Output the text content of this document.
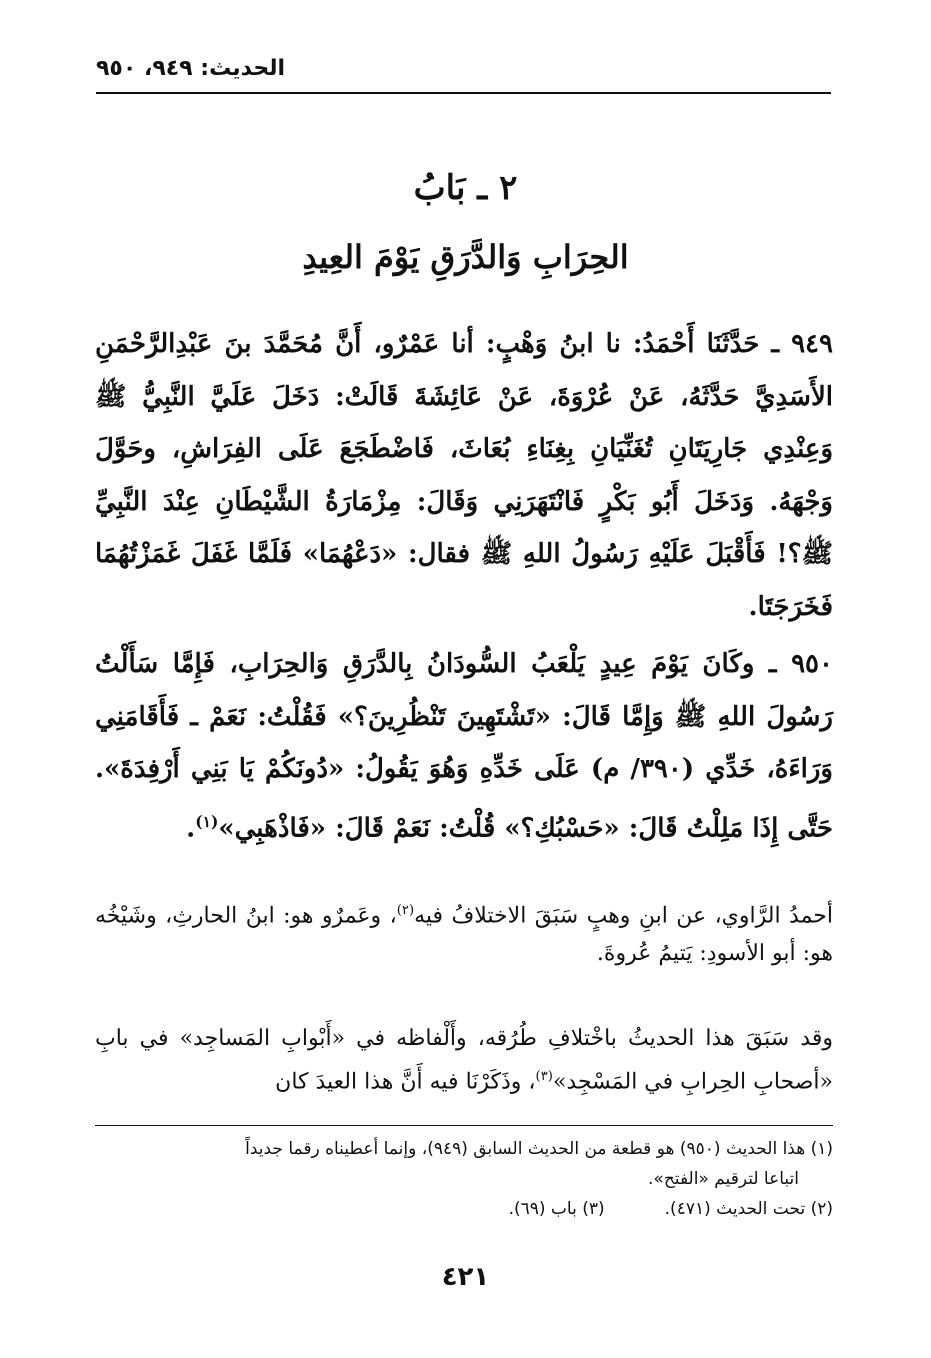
الحديث: ٩٤٩، ٩٥٠
٢ ـ بَابُ
الحِرَابِ وَالدَّرَقِ يَوْمَ العِيدِ
٩٤٩ ـ حَدَّثَنَا أَحْمَدُ: نا ابنُ وَهْبٍ: أنا عَمْرٌو، أَنَّ مُحَمَّدَ بنَ عَبْدِالرَّحْمَنِ الأَسَدِيَّ حَدَّثَهُ، عَنْ عُرْوَةَ، عَنْ عَائِشَةَ قَالَتْ: دَخَلَ عَلَيَّ النَّبِيُّ ﷺ وَعِنْدِي جَارِيَتَانِ تُغَنِّيَانِ بِغِنَاءِ بُعَاثَ، فَاضْطَجَعَ عَلَى الفِرَاشِ، وحَوَّلَ وَجْهَهُ. وَدَخَلَ أَبُو بَكْرٍ فَانْتَهَرَنِي وَقَالَ: مِزْمَارَةُ الشَّيْطَانِ عِنْدَ النَّبِيِّ ﷺ؟! فَأَقْبَلَ عَلَيْهِ رَسُولُ اللهِ ﷺ فقال: «دَعْهُمَا» فَلَمَّا غَفَلَ غَمَزْتُهُمَا فَخَرَجَتَا.
٩٥٠ ـ وكَانَ يَوْمَ عِيدٍ يَلْعَبُ السُّودَانُ بِالدَّرَقِ وَالحِرَابِ، فَإِمَّا سَأَلْتُ رَسُولَ اللهِ ﷺ وَإِمَّا قَالَ: «تَشْتَهِينَ تَنْظُرِينَ؟» فَقُلْتُ: نَعَمْ ـ فَأَقَامَنِي وَرَاءَهُ، خَدِّي (٣٩٠/ م) عَلَى خَدِّهِ وَهُوَ يَقُولُ: «دُونَكُمْ يَا بَنِي أَرْفِدَةَ». حَتَّى إِذَا مَلِلْتُ قَالَ: «حَسْبُكِ؟» قُلْتُ: نَعَمْ قَالَ: «فَاذْهَبِي»$^{(١)}$.
أحمدُ الرَّاوي، عن ابنِ وهبٍ سَبَقَ الاختلافُ فيه$^{(٢)}$، وعَمرٌو هو: ابنُ الحارثِ، وشَيْخُه هو: أبو الأسودِ: يَتيمُ عُروةَ.
وقد سَبَقَ هذا الحديثُ باخْتلافِ طُرُقه، وأَلْفاظه في «أَبْوابِ المَساجِد» في بابِ «أصحابِ الحِرابِ في المَسْجِد»$^{(٣)}$، وذَكَرْنَا فيه أَنَّ هذا العيدَ كان
(١) هذا الحديث (٩٥٠) هو قطعة من الحديث السابق (٩٤٩)، وإنما أعطيناه رقما جديداً
اتباعا لترقيم «الفتح».
(٢) تحت الحديث (٤٧١).(٣) باب (٦٩).
٤٢١
